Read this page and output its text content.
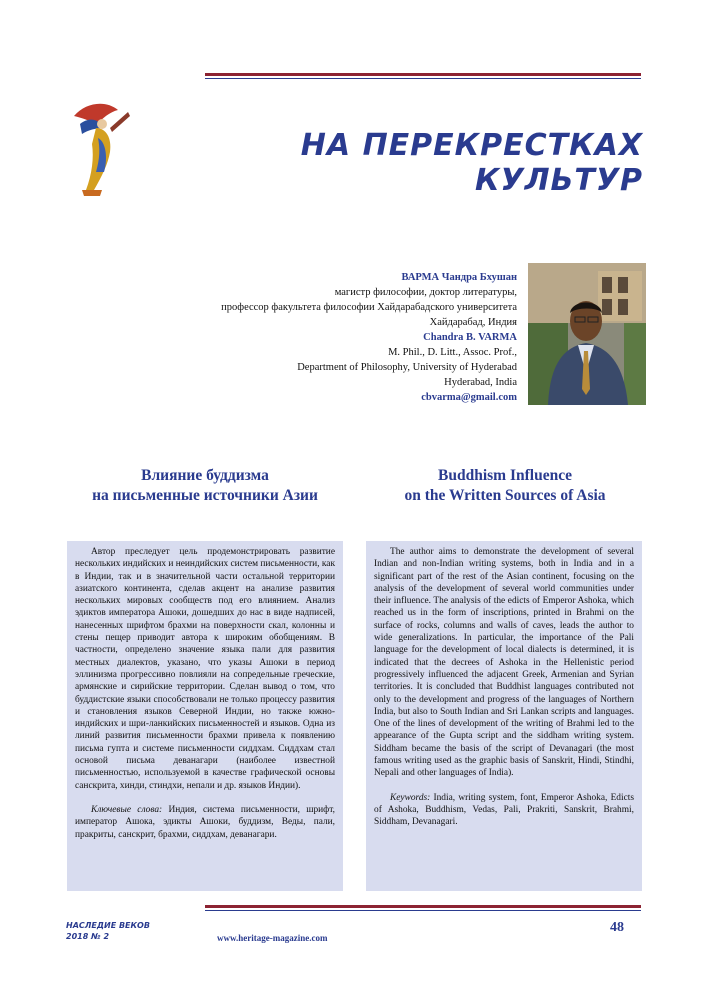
НА ПЕРЕКРЕСТКАХ КУЛЬТУР
ВАРМА Чандра Бхушан
магистр философии, доктор литературы,
профессор факультета философии Хайдарабадского университета
Хайдарабад, Индия
Chandra B. VARMA
M. Phil., D. Litt., Assoc. Prof.,
Department of Philosophy, University of Hyderabad
Hyderabad, India
cbvarma@gmail.com
Влияние буддизма
на письменные источники Азии
Buddhism Influence
on the Written Sources of Asia

Автор преследует цель продемонстрировать развитие нескольких индийских и неиндийских систем письменности, как в Индии, так и в значительной части остальной территории азиатского континента, сделав акцент на анализе развития нескольких мировых сообществ под его влиянием. Анализ эдиктов императора Ашоки, дошедших до нас в виде надписей, нанесенных шрифтом брахми на поверхности скал, колонны и стены пещер приводит автора к широким обобщениям. В частности, определено значение языка пали для развития местных диалектов, указано, что указы Ашоки в период эллинизма прогрессивно повлияли на сопредельные греческие, армянские и сирийские территории. Сделан вывод о том, что буддистские языки способствовали не только процессу развития и становления языков Северной Индии, но также южно-индийских и шри-ланкийских письменностей и языков. Одна из линий развития письменности брахми привела к появлению письма гупта и системе письменности сиддхам. Сиддхам стал основой письма деванагари (наиболее известной письменностью, используемой в качестве графической основы санскрита, хинди, стиндхи, непали и др. языков Индии).

Ключевые слова: Индия, система письменности, шрифт, император Ашока, эдикты Ашоки, буддизм, Веды, пали, пракриты, санскрит, брахми, сиддхам, деванагари.

The author aims to demonstrate the development of several Indian and non-Indian writing systems, both in India and in a significant part of the rest of the Asian continent, focusing on the analysis of the development of several world communities under their influence. The analysis of the edicts of Emperor Ashoka, which reached us in the form of inscriptions, printed in Brahmi on the surface of rocks, columns and walls of caves, leads the author to wide generalizations. In particular, the importance of the Pali language for the development of local dialects is determined, it is indicated that the decrees of Ashoka in the Hellenistic period progressively influenced the adjacent Greek, Armenian and Syrian territories. It is concluded that Buddhist languages contributed not only to the development and progress of the languages of Northern India, but also to South Indian and Sri Lankan scripts and languages. One of the lines of development of the writing of Brahmi led to the appearance of the Gupta script and the siddham writing system. Siddham became the basis of the script of Devanagari (the most famous writing used as the graphic basis of Sanskrit, Hindi, Stindhi, Nepali and other languages of India).

Keywords: India, writing system, font, Emperor Ashoka, Edicts of Ashoka, Buddhism, Vedas, Pali, Prakriti, Sanskrit, Brahmi, Siddham, Devanagari.

НАСЛЕДИЕ ВЕКОВ
2018 № 2	www.heritage-magazine.com
48
